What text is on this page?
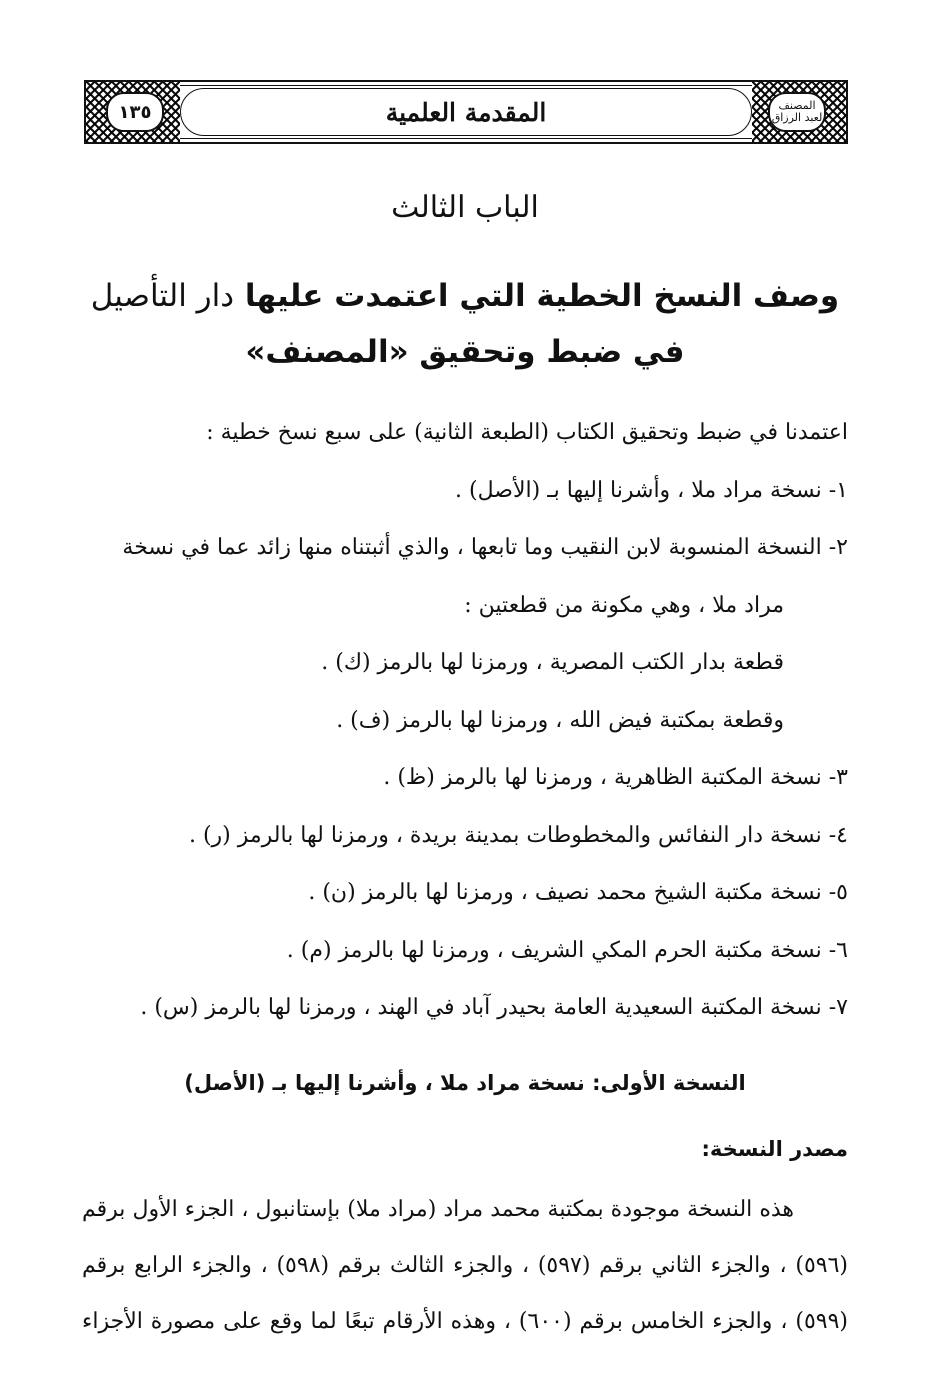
المصنف
لعبد الرزاق
١٣٥	المقدمة العلمية
الباب الثالث
وصف النسخ الخطية التي اعتمدت عليها دار التأصيل
في ضبط وتحقيق «المصنف»
اعتمدنا في ضبط وتحقيق الكتاب (الطبعة الثانية) على سبع نسخ خطية :
١- نسخة مراد ملا ، وأشرنا إليها بـ (الأصل) .
٢- النسخة المنسوبة لابن النقيب وما تابعها ، والذي أثبتناه منها زائد عما في نسخة
مراد ملا ، وهي مكونة من قطعتين :
قطعة بدار الكتب المصرية ، ورمزنا لها بالرمز (ك) .
وقطعة بمكتبة فيض الله ، ورمزنا لها بالرمز (ف) .
٣- نسخة المكتبة الظاهرية ، ورمزنا لها بالرمز (ظ) .
٤- نسخة دار النفائس والمخطوطات بمدينة بريدة ، ورمزنا لها بالرمز (ر) .
٥- نسخة مكتبة الشيخ محمد نصيف ، ورمزنا لها بالرمز (ن) .
٦- نسخة مكتبة الحرم المكي الشريف ، ورمزنا لها بالرمز (م) .
٧- نسخة المكتبة السعيدية العامة بحيدر آباد في الهند ، ورمزنا لها بالرمز (س) .
النسخة الأولى: نسخة مراد ملا ، وأشرنا إليها بـ (الأصل)
مصدر النسخة:
هذه النسخة موجودة بمكتبة محمد مراد (مراد ملا) بإستانبول ، الجزء الأول برقم
(٥٩٦) ، والجزء الثاني برقم (٥٩٧) ، والجزء الثالث برقم (٥٩٨) ، والجزء الرابع برقم
(٥٩٩) ، والجزء الخامس برقم (٦٠٠) ، وهذه الأرقام تبعًا لما وقع على مصورة الأجزاء
